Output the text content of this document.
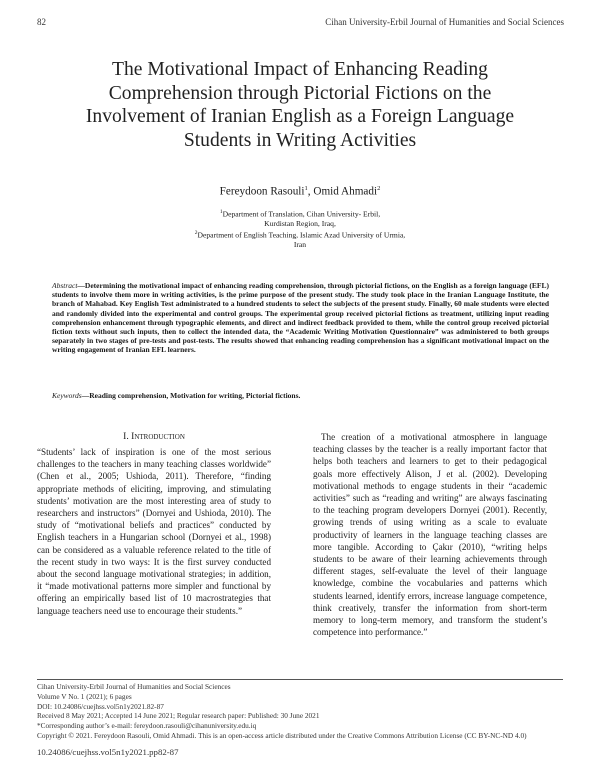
82	Cihan University-Erbil Journal of Humanities and Social Sciences
The Motivational Impact of Enhancing Reading Comprehension through Pictorial Fictions on the Involvement of Iranian English as a Foreign Language Students in Writing Activities
Fereydoon Rasouli$^1$, Omid Ahmadi$^2$
$^1$Department of Translation, Cihan University- Erbil,
Kurdistan Region, Iraq,
$^2$Department of English Teaching, Islamic Azad University of Urmia,
Iran

Abstract—Determining the motivational impact of enhancing reading comprehension, through pictorial fictions, on the English as a foreign language (EFL) students to involve them more in writing activities, is the prime purpose of the present study. The study took place in the Iranian Language Institute, the branch of Mahabad. Key English Test administrated to a hundred students to select the subjects of the present study. Finally, 60 male students were elected and randomly divided into the experimental and control groups. The experimental group received pictorial fictions as treatment, utilizing input reading comprehension enhancement through typographic elements, and direct and indirect feedback provided to them, while the control group received pictorial fiction texts without such inputs, then to collect the intended data, the “Academic Writing Motivation Questionnaire” was administered to both groups separately in two stages of pre-tests and post-tests. The results showed that enhancing reading comprehension has a significant motivational impact on the writing engagement of Iranian EFL learners.

Keywords—Reading comprehension, Motivation for writing, Pictorial fictions.

I. Introduction

“Students’ lack of inspiration is one of the most serious challenges to the teachers in many teaching classes worldwide” (Chen et al., 2005; Ushioda, 2011). Therefore, “finding appropriate methods of eliciting, improving, and stimulating students’ motivation are the most interesting area of study to researchers and instructors” (Dornyei and Ushioda, 2010). The study of “motivational beliefs and practices” conducted by English teachers in a Hungarian school (Dornyei et al., 1998) can be considered as a valuable reference related to the title of the recent study in two ways: It is the first survey conducted about the second language motivational strategies; in addition, it “made motivational patterns more simpler and functional by offering an empirically based list of 10 macrostrategies that language teachers need use to encourage their students.”

The creation of a motivational atmosphere in language teaching classes by the teacher is a really important factor that helps both teachers and learners to get to their pedagogical goals more effectively Alison, J et al. (2002). Developing motivational methods to engage students in their “academic activities” such as “reading and writing” are always fascinating to the teaching program developers Dornyei (2001). Recently, growing trends of using writing as a scale to evaluate productivity of learners in the language teaching classes are more tangible. According to Çakır (2010), “writing helps students to be aware of their learning achievements through different stages, self-evaluate the level of their language knowledge, combine the vocabularies and patterns which students learned, identify errors, increase language competence, think creatively, transfer the information from short-term memory to long-term memory, and transform the student’s competence into performance.”

Cihan University-Erbil Journal of Humanities and Social Sciences
Volume V No. 1 (2021); 6 pages
DOI: 10.24086/cuejhss.vol5n1y2021.82-87
Received 8 May 2021; Accepted 14 June 2021; Regular research paper: Published: 30 June 2021
*Corresponding author’s e-mail: fereydoon.rasouli@cihanuniversity.edu.iq
Copyright © 2021. Fereydoon Rasouli, Omid Ahmadi. This is an open-access article distributed under the Creative Commons Attribution License (CC BY-NC-ND 4.0)
10.24086/cuejhss.vol5n1y2021.pp82-87
